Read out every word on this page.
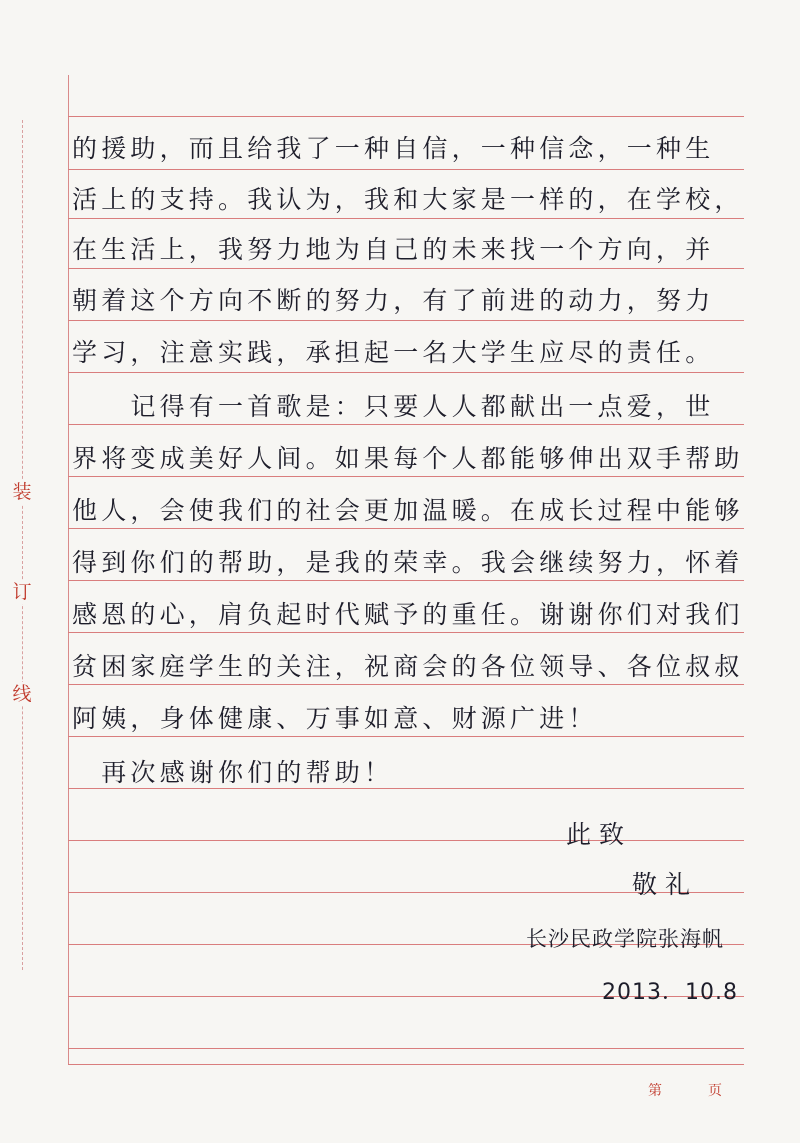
装
订
线
的援助，而且给我了一种自信，一种信念，一种生
活上的支持。我认为，我和大家是一样的，在学校，
在生活上，我努力地为自己的未来找一个方向，并
朝着这个方向不断的努力，有了前进的动力，努力
学习，注意实践，承担起一名大学生应尽的责任。
　　记得有一首歌是：只要人人都献出一点爱，世
界将变成美好人间。如果每个人都能够伸出双手帮助
他人，会使我们的社会更加温暖。在成长过程中能够
得到你们的帮助，是我的荣幸。我会继续努力，怀着
感恩的心，肩负起时代赋予的重任。谢谢你们对我们
贫困家庭学生的关注，祝商会的各位领导、各位叔叔
阿姨，身体健康、万事如意、财源广进！
　再次感谢你们的帮助！
此致
敬礼
长沙民政学院张海帆
2013．10.8
第	页
